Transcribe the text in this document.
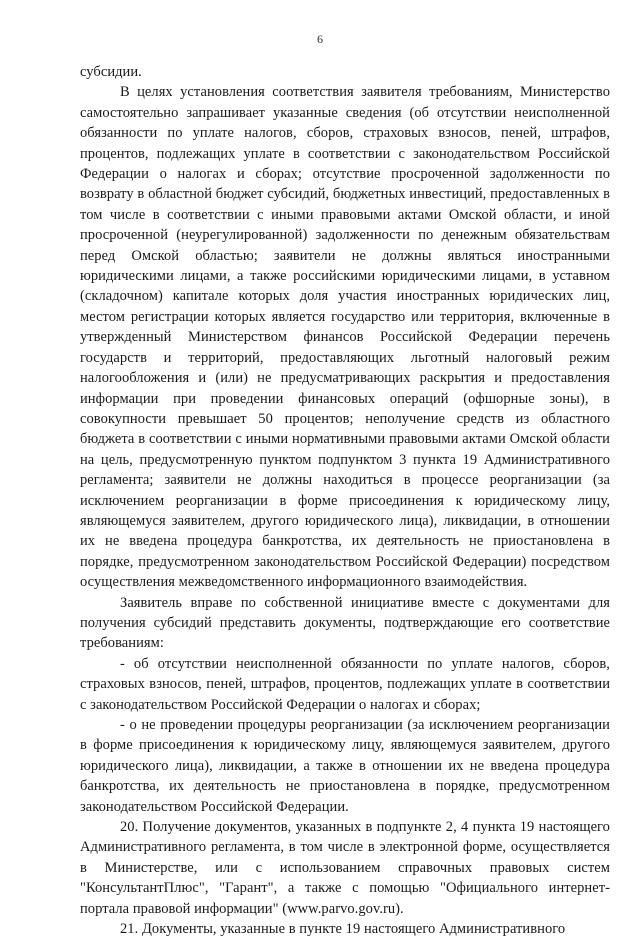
6

субсидии.

В целях установления соответствия заявителя требованиям, Министерство самостоятельно запрашивает указанные сведения (об отсутствии неисполненной обязанности по уплате налогов, сборов, страховых взносов, пеней, штрафов, процентов, подлежащих уплате в соответствии с законодательством Российской Федерации о налогах и сборах; отсутствие просроченной задолженности по возврату в областной бюджет субсидий, бюджетных инвестиций, предоставленных в том числе в соответствии с иными правовыми актами Омской области, и иной просроченной (неурегулированной) задолженности по денежным обязательствам перед Омской областью; заявители не должны являться иностранными юридическими лицами, а также российскими юридическими лицами, в уставном (складочном) капитале которых доля участия иностранных юридических лиц, местом регистрации которых является государство или территория, включенные в утвержденный Министерством финансов Российской Федерации перечень государств и территорий, предоставляющих льготный налоговый режим налогообложения и (или) не предусматривающих раскрытия и предоставления информации при проведении финансовых операций (офшорные зоны), в совокупности превышает 50 процентов; неполучение средств из областного бюджета в соответствии с иными нормативными правовыми актами Омской области на цель, предусмотренную пунктом подпунктом 3 пункта 19 Административного регламента; заявители не должны находиться в процессе реорганизации (за исключением реорганизации в форме присоединения к юридическому лицу, являющемуся заявителем, другого юридического лица), ликвидации, в отношении их не введена процедура банкротства, их деятельность не приостановлена в порядке, предусмотренном законодательством Российской Федерации) посредством осуществления межведомственного информационного взаимодействия.

Заявитель вправе по собственной инициативе вместе с документами для получения субсидий представить документы, подтверждающие его соответствие требованиям:

- об отсутствии неисполненной обязанности по уплате налогов, сборов, страховых взносов, пеней, штрафов, процентов, подлежащих уплате в соответствии с законодательством Российской Федерации о налогах и сборах;

- о не проведении процедуры реорганизации (за исключением реорганизации в форме присоединения к юридическому лицу, являющемуся заявителем, другого юридического лица), ликвидации, а также в отношении их не введена процедура банкротства, их деятельность не приостановлена в порядке, предусмотренном законодательством Российской Федерации.

20. Получение документов, указанных в подпункте 2, 4 пункта 19 настоящего Административного регламента, в том числе в электронной форме, осуществляется в Министерстве, или с использованием справочных правовых систем "КонсультантПлюс", "Гарант", а также с помощью "Официального интернет-портала правовой информации" (www.parvo.gov.ru).

21. Документы, указанные в пункте 19 настоящего Административного
